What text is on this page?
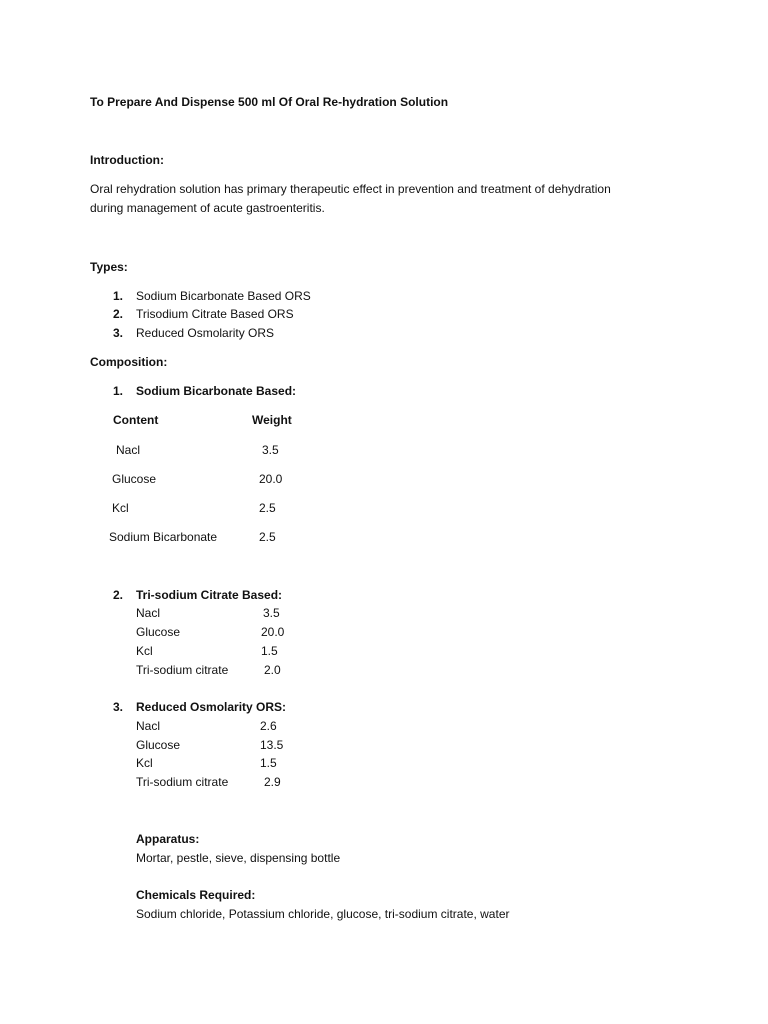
To Prepare And Dispense 500 ml Of Oral Re-hydration Solution
Introduction:
Oral rehydration solution has primary therapeutic effect in prevention and treatment of dehydration
during management of acute gastroenteritis.
Types:
1. Sodium Bicarbonate Based ORS
2. Trisodium Citrate Based ORS
3. Reduced Osmolarity ORS
Composition:
1. Sodium Bicarbonate Based:
Content	Weight
Nacl	3.5
Glucose	20.0
Kcl	2.5
Sodium Bicarbonate	2.5
2. Tri-sodium Citrate Based:
Nacl	3.5
Glucose	20.0
Kcl	1.5
Tri-sodium citrate	2.0
3. Reduced Osmolarity ORS:
Nacl	2.6
Glucose	13.5
Kcl	1.5
Tri-sodium citrate	2.9
Apparatus:
Mortar, pestle, sieve, dispensing bottle
Chemicals Required:
Sodium chloride, Potassium chloride, glucose, tri-sodium citrate, water
